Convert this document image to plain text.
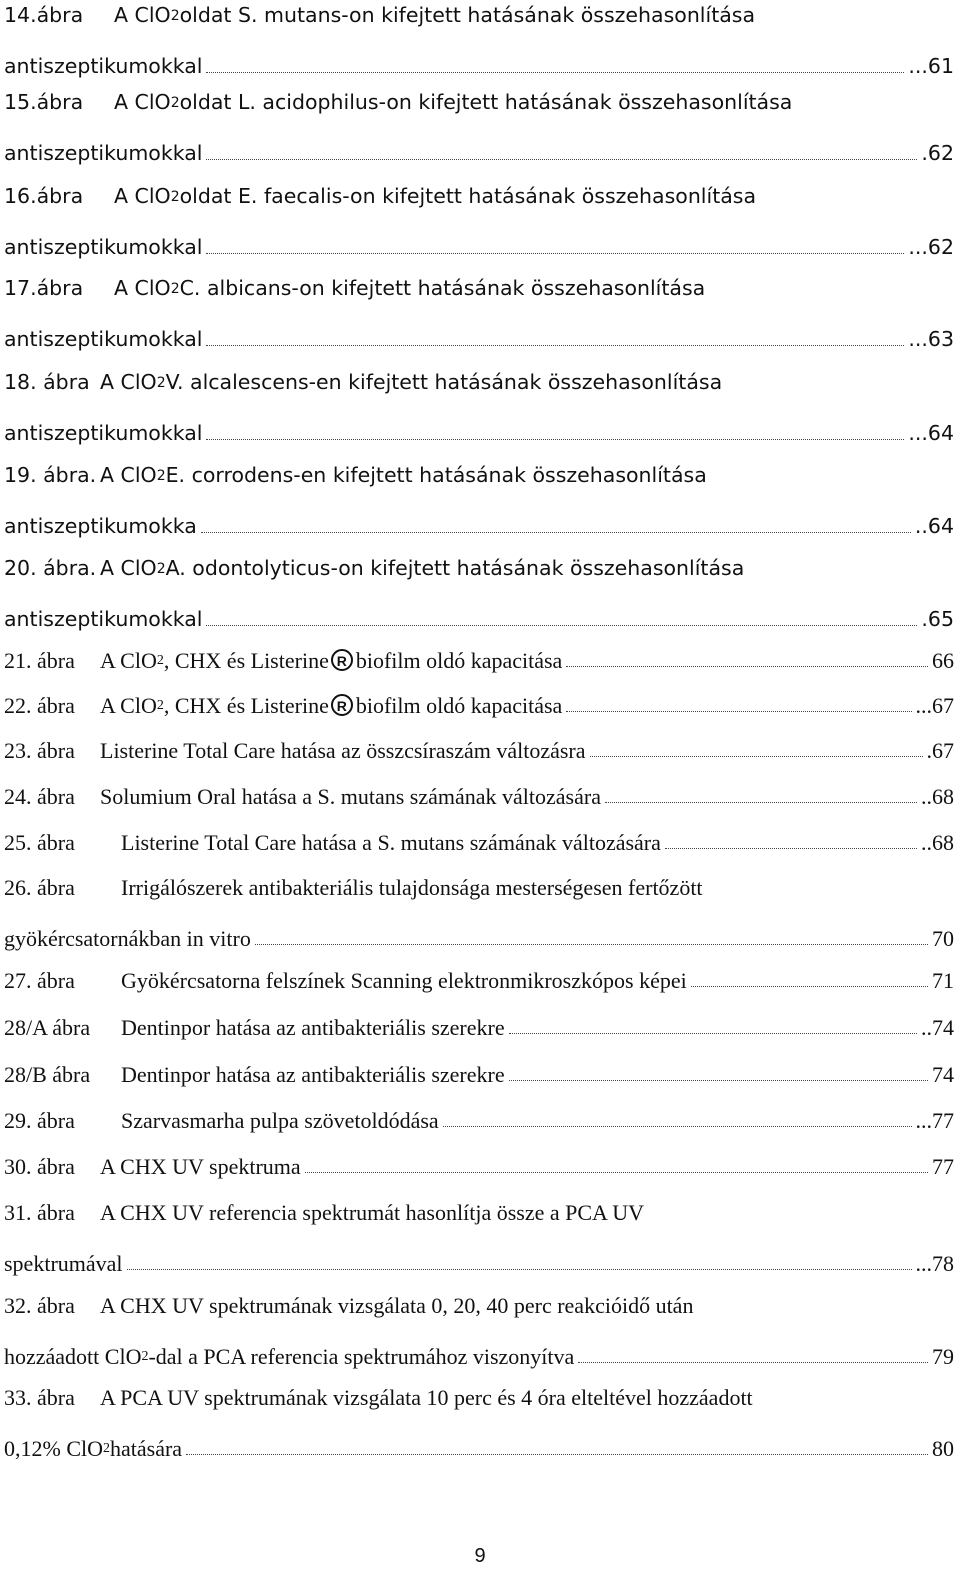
14.ábra	A ClO 2 oldat S. mutans-on kifejtett hatásának összehasonlítása
antiszeptikumokkal	...61
15.ábra	A ClO 2 oldat L. acidophilus-on kifejtett hatásának összehasonlítása
antiszeptikumokkal	.62
16.ábra	A ClO 2 oldat E. faecalis-on kifejtett hatásának összehasonlítása
antiszeptikumokkal	...62
17.ábra	A ClO 2 C. albicans-on kifejtett hatásának összehasonlítása
antiszeptikumokkal	...63
18. ábra A ClO 2 V. alcalescens-en kifejtett hatásának összehasonlítása
antiszeptikumokkal	...64
19. ábra. A ClO 2 E. corrodens-en kifejtett hatásának összehasonlítása
antiszeptikumokka	..64
20. ábra. A ClO 2 A. odontolyticus-on kifejtett hatásának összehasonlítása
antiszeptikumokkal	.65
21. ábra	A ClO 2 , CHX és Listerine R biofilm oldó kapacitása	66
22. ábra	A ClO 2 , CHX és Listerine R biofilm oldó kapacitása	...67
23. ábra	Listerine Total Care hatása az összcsíraszám változásra	.67
24. ábra	Solumium Oral hatása a S. mutans számának változására	..68
25. ábra	Listerine Total Care hatása a S. mutans számának változására	..68
26. ábra	Irrigálószerek antibakteriális tulajdonsága mesterségesen fertőzött
gyökércsatornákban in vitro	70
27. ábra	Gyökércsatorna felszínek Scanning elektronmikroszkópos képei	71
28/A ábra	Dentinpor hatása az antibakteriális szerekre	..74
28/B ábra	Dentinpor hatása az antibakteriális szerekre	74
29. ábra	Szarvasmarha pulpa szövetoldódása	...77
30. ábra	A CHX UV spektruma	77
31. ábra	A CHX UV referencia spektrumát hasonlítja össze a PCA UV
spektrumával	...78
32. ábra	A CHX UV spektrumának vizsgálata 0, 20, 40 perc reakcióidő után
hozzáadott ClO 2 -dal a PCA referencia spektrumához viszonyítva	79
33. ábra	A PCA UV spektrumának vizsgálata 10 perc és 4 óra elteltével hozzáadott
0,12% ClO 2 hatására	80
9
